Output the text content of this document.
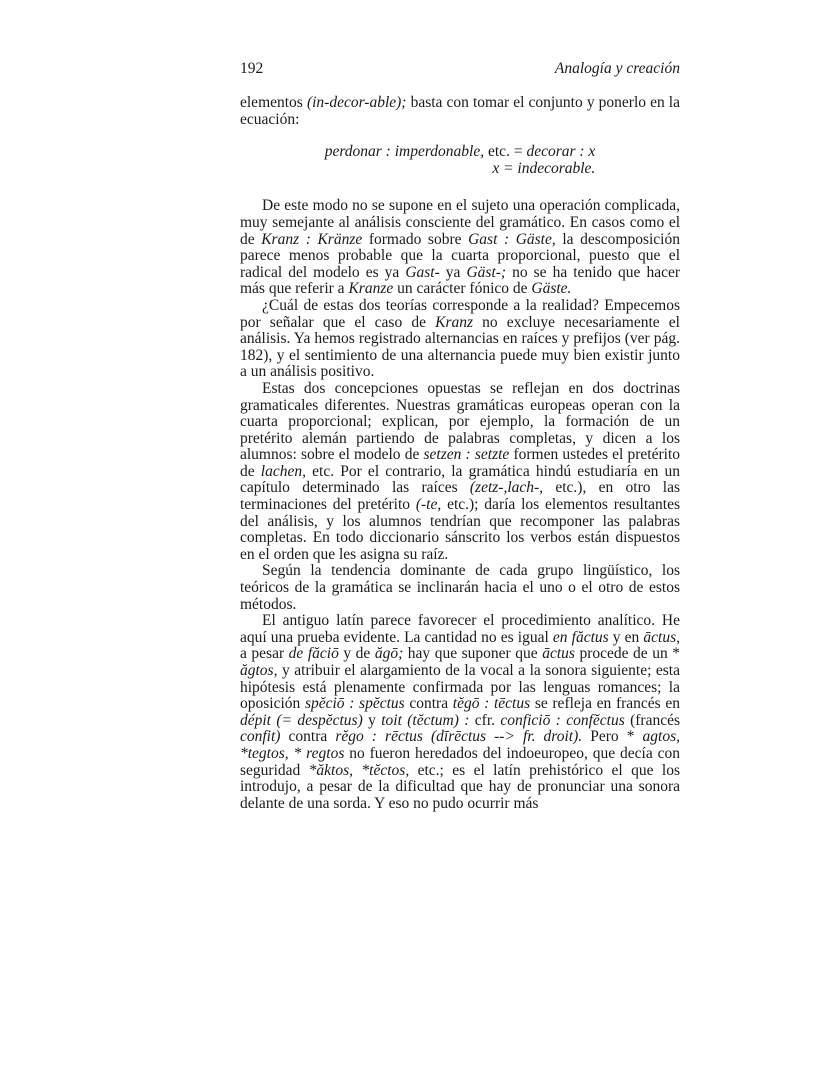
192	Analogía y creación

elementos (in-decor-able); basta con tomar el conjunto y ponerlo en la ecuación:

perdonar : imperdonable, etc. = decorar : x
x = indecorable.

De este modo no se supone en el sujeto una operación complicada, muy semejante al análisis consciente del gramático. En casos como el de Kranz : Kränze formado sobre Gast : Gäste, la descomposición parece menos probable que la cuarta proporcional, puesto que el radical del modelo es ya Gast- ya Gäst-; no se ha tenido que hacer más que referir a Kranze un carácter fónico de Gäste.

¿Cuál de estas dos teorías corresponde a la realidad? Empecemos por señalar que el caso de Kranz no excluye necesariamente el análisis. Ya hemos registrado alternancias en raíces y prefijos (ver pág. 182), y el sentimiento de una alternancia puede muy bien existir junto a un análisis positivo.

Estas dos concepciones opuestas se reflejan en dos doctrinas gramaticales diferentes. Nuestras gramáticas europeas operan con la cuarta proporcional; explican, por ejemplo, la formación de un pretérito alemán partiendo de palabras completas, y dicen a los alumnos: sobre el modelo de setzen : setzte formen ustedes el pretérito de lachen, etc. Por el contrario, la gramática hindú estudiaría en un capítulo determinado las raíces (zetz-,lach-, etc.), en otro las terminaciones del pretérito (-te, etc.); daría los elementos resultantes del análisis, y los alumnos tendrían que recomponer las palabras completas. En todo diccionario sánscrito los verbos están dispuestos en el orden que les asigna su raíz.

Según la tendencia dominante de cada grupo lingüístico, los teóricos de la gramática se inclinarán hacia el uno o el otro de estos métodos.

El antiguo latín parece favorecer el procedimiento analítico. He aquí una prueba evidente. La cantidad no es igual en făctus y en āctus, a pesar de făciō y de ăgō; hay que suponer que āctus procede de un * ăgtos, y atribuir el alargamiento de la vocal a la sonora siguiente; esta hipótesis está plenamente confirmada por las lenguas romances; la oposición spĕciō : spĕctus contra tĕgō : tēctus se refleja en francés en dépit (= despĕctus) y toit (tĕctum) : cfr. conficiō : confĕctus (francés confit) contra rĕgo : rēctus (dīrēctus --> fr. droit). Pero * agtos, *tegtos, * regtos no fueron heredados del indoeuropeo, que decía con seguridad *ăktos, *tĕctos, etc.; es el latín prehistórico el que los introdujo, a pesar de la dificultad que hay de pronunciar una sonora delante de una sorda. Y eso no pudo ocurrir más
